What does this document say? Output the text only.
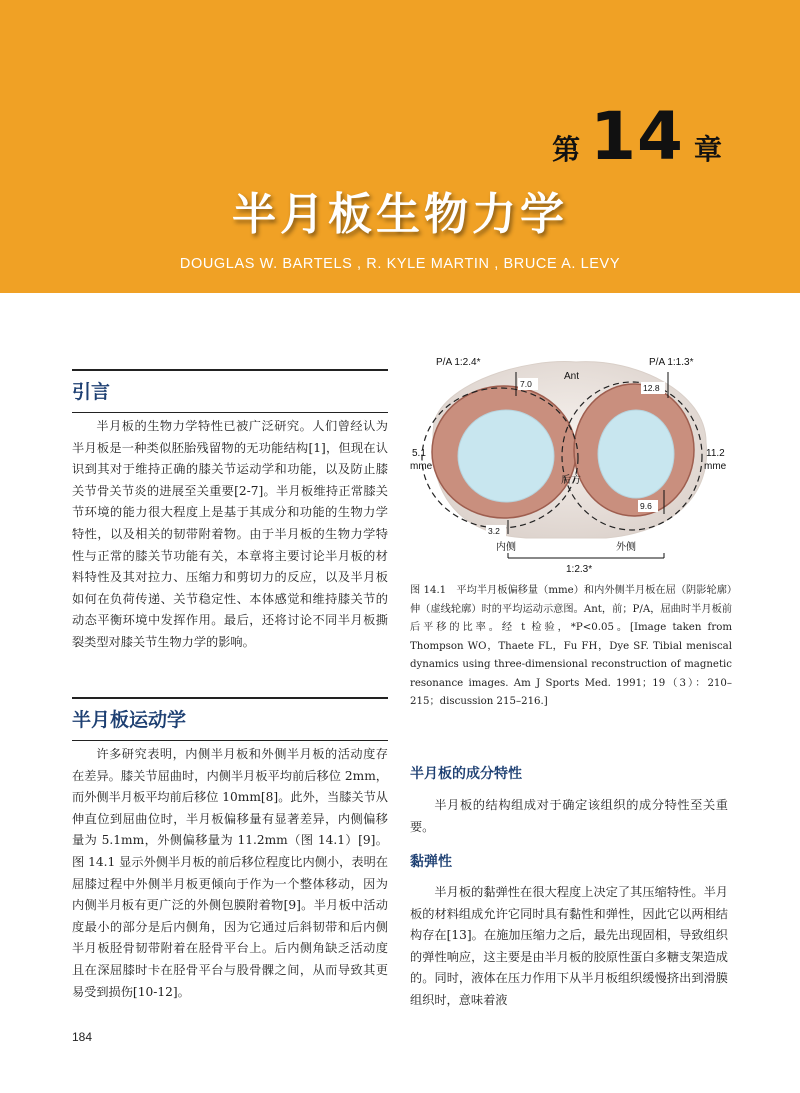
第 14 章
半月板生物力学
DOUGLAS W. BARTELS , R. KYLE MARTIN , BRUCE A. LEVY
引言

半月板的生物力学特性已被广泛研究。人们曾经认为半月板是一种类似胚胎残留物的无功能结构[1]，但现在认识到其对于维持正确的膝关节运动学和功能，以及防止膝关节骨关节炎的进展至关重要[2-7]。半月板维持正常膝关节环境的能力很大程度上是基于其成分和功能的生物力学特性，以及相关的韧带附着物。由于半月板的生物力学特性与正常的膝关节功能有关，本章将主要讨论半月板的材料特性及其对拉力、压缩力和剪切力的反应，以及半月板如何在负荷传递、关节稳定性、本体感觉和维持膝关节的动态平衡环境中发挥作用。最后，还将讨论不同半月板撕裂类型对膝关节生物力学的影响。

半月板运动学

许多研究表明，内侧半月板和外侧半月板的活动度存在差异。膝关节屈曲时，内侧半月板平均前后移位 2mm，而外侧半月板平均前后移位 10mm[8]。此外，当膝关节从伸直位到屈曲位时，半月板偏移量有显著差异，内侧偏移量为 5.1mm，外侧偏移量为 11.2mm（图 14.1）[9]。图 14.1 显示外侧半月板的前后移位程度比内侧小，表明在屈膝过程中外侧半月板更倾向于作为一个整体移动，因为内侧半月板有更广泛的外侧包膜附着物[9]。半月板中活动度最小的部分是后内侧角，因为它通过后斜韧带和后内侧半月板胫骨韧带附着在胫骨平台上。后内侧角缺乏活动度且在深屈膝时卡在胫骨平台与股骨髁之间，从而导致其更易受到损伤[10-12]。

P/A 1:2.4*	P/A 1:1.3*
Ant
后方
5.1
mme
11.2
mme
7.0	12.8
9.6
3.2
内侧	外侧
1:2.3*

图 14.1　平均半月板偏移量（mme）和内外侧半月板在屈（阴影轮廓）伸（虚线轮廓）时的平均运动示意图。Ant，前；P/A，屈曲时半月板前后平移的比率。经 t 检验，*P<0.05。[Image taken from Thompson WO，Thaete FL，Fu FH，Dye SF. Tibial meniscal dynamics using three-dimensional reconstruction of magnetic resonance images. Am J Sports Med. 1991；19（3）：210–215；discussion 215–216.]

半月板的成分特性

半月板的结构组成对于确定该组织的成分特性至关重要。

黏弹性

半月板的黏弹性在很大程度上决定了其压缩特性。半月板的材料组成允许它同时具有黏性和弹性，因此它以两相结构存在[13]。在施加压缩力之后，最先出现固相，导致组织的弹性响应，这主要是由半月板的胶原性蛋白多糖支架造成的。同时，液体在压力作用下从半月板组织缓慢挤出到滑膜组织时，意味着液

184
